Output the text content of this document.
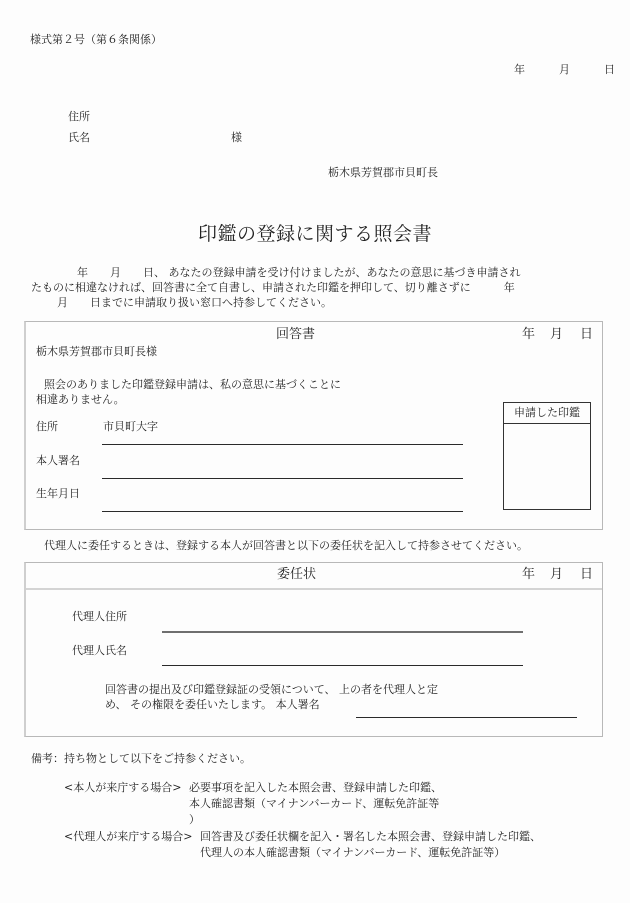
様式第２号（第６条関係）
年	月	日
住所
氏名	様
栃木県芳賀郡市貝町長
印鑑の登録に関する照会書
年　　月　　日、 あなたの登録申請を受け付けましたが、あなたの意思に基づき申請され
たものに相違なければ、回答書に全て自書し、申請された印鑑を押印して、切り離さずに　　　年
月　　日までに申請取り扱い窓口へ持参してください。
回答書	年 月 日
栃木県芳賀郡市貝町長様
照会のありました印鑑登録申請は、私の意思に基づくことに
相違ありません。
住所	市貝町大字
本人署名
生年月日
申請した印鑑
代理人に委任するときは、登録する本人が回答書と以下の委任状を記入して持参させてください。
委任状	年 月 日
代理人住所
代理人氏名
回答書の提出及び印鑑登録証の受領について、 上の者を代理人と定
め、 その権限を委任いたします。 本人署名
備考：持ち物として以下をご持参ください。
<本人が来庁する場合> 必要事項を記入した本照会書、登録申請した印鑑、
本人確認書類（マイナンバーカード、運転免許証等
）
<代理人が来庁する場合> 回答書及び委任状欄を記入・署名した本照会書、登録申請した印鑑、
代理人の本人確認書類（マイナンバーカード、運転免許証等）
